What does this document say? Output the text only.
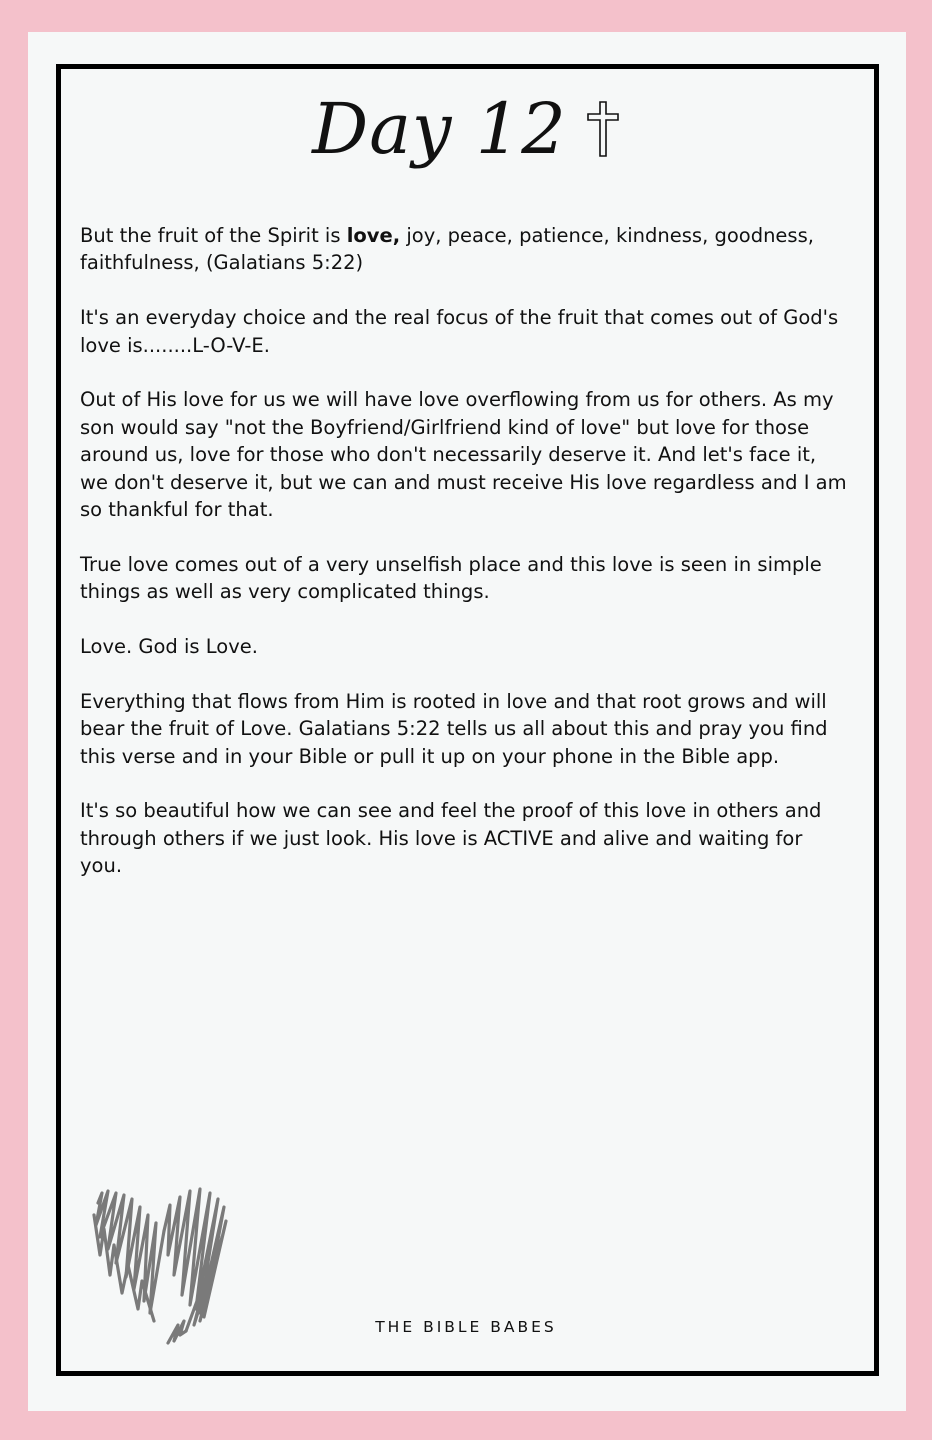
Day 12

But the fruit of the Spirit is love, joy, peace, patience, kindness, goodness, faithfulness, (Galatians 5:22)

It's an everyday choice and the real focus of the fruit that comes out of God's love is........L-O-V-E.

Out of His love for us we will have love overflowing from us for others. As my son would say "not the Boyfriend/Girlfriend kind of love" but love for those around us, love for those who don't necessarily deserve it. And let's face it, we don't deserve it, but we can and must receive His love regardless and I am so thankful for that.

True love comes out of a very unselfish place and this love is seen in simple things as well as very complicated things.

Love. God is Love.

Everything that flows from Him is rooted in love and that root grows and will bear the fruit of Love. Galatians 5:22 tells us all about this and pray you find this verse and in your Bible or pull it up on your phone in the Bible app.

It's so beautiful how we can see and feel the proof of this love in others and through others if we just look. His love is ACTIVE and alive and waiting for you.

THE BIBLE BABES
